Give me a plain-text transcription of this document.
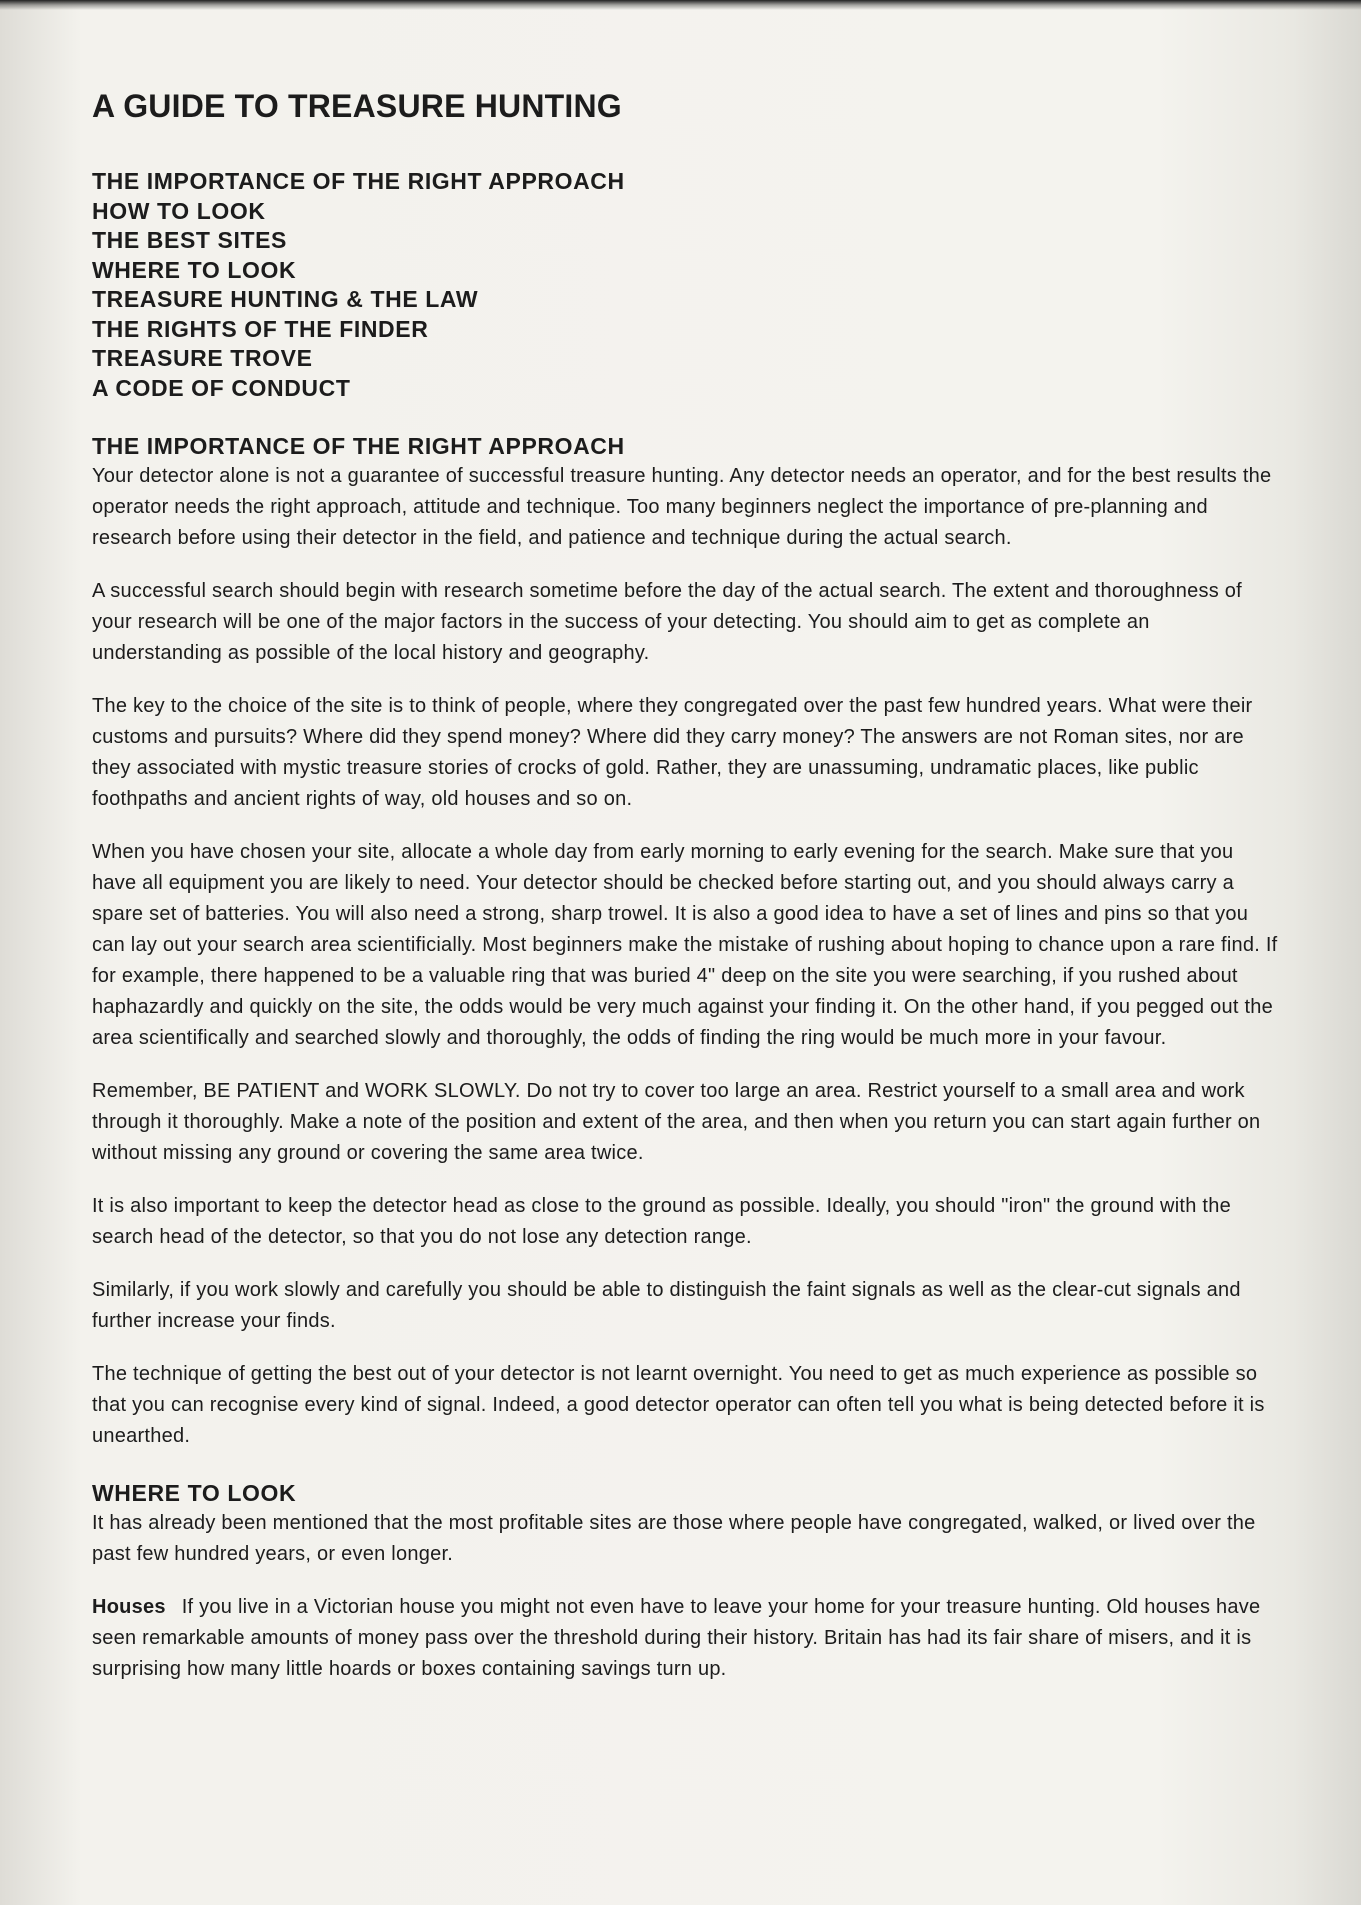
A GUIDE TO TREASURE HUNTING
THE IMPORTANCE OF THE RIGHT APPROACH
HOW TO LOOK
THE BEST SITES
WHERE TO LOOK
TREASURE HUNTING & THE LAW
THE RIGHTS OF THE FINDER
TREASURE TROVE
A CODE OF CONDUCT
THE IMPORTANCE OF THE RIGHT APPROACH

Your detector alone is not a guarantee of successful treasure hunting. Any detector needs an operator, and for the best results the operator needs the right approach, attitude and technique. Too many beginners neglect the importance of pre-planning and research before using their detector in the field, and patience and technique during the actual search.

A successful search should begin with research sometime before the day of the actual search. The extent and thoroughness of your research will be one of the major factors in the success of your detecting. You should aim to get as complete an understanding as possible of the local history and geography.

The key to the choice of the site is to think of people, where they congregated over the past few hundred years. What were their customs and pursuits? Where did they spend money? Where did they carry money? The answers are not Roman sites, nor are they associated with mystic treasure stories of crocks of gold. Rather, they are unassuming, undramatic places, like public foothpaths and ancient rights of way, old houses and so on.

When you have chosen your site, allocate a whole day from early morning to early evening for the search. Make sure that you have all equipment you are likely to need. Your detector should be checked before starting out, and you should always carry a spare set of batteries. You will also need a strong, sharp trowel. It is also a good idea to have a set of lines and pins so that you can lay out your search area scientificially. Most beginners make the mistake of rushing about hoping to chance upon a rare find. If for example, there happened to be a valuable ring that was buried 4" deep on the site you were searching, if you rushed about haphazardly and quickly on the site, the odds would be very much against your finding it. On the other hand, if you pegged out the area scientifically and searched slowly and thoroughly, the odds of finding the ring would be much more in your favour.

Remember, BE PATIENT and WORK SLOWLY. Do not try to cover too large an area. Restrict yourself to a small area and work through it thoroughly. Make a note of the position and extent of the area, and then when you return you can start again further on without missing any ground or covering the same area twice.

It is also important to keep the detector head as close to the ground as possible. Ideally, you should "iron" the ground with the search head of the detector, so that you do not lose any detection range.

Similarly, if you work slowly and carefully you should be able to distinguish the faint signals as well as the clear-cut signals and further increase your finds.

The technique of getting the best out of your detector is not learnt overnight. You need to get as much experience as possible so that you can recognise every kind of signal. Indeed, a good detector operator can often tell you what is being detected before it is unearthed.

WHERE TO LOOK

It has already been mentioned that the most profitable sites are those where people have congregated, walked, or lived over the past few hundred years, or even longer.

Houses If you live in a Victorian house you might not even have to leave your home for your treasure hunting. Old houses have seen remarkable amounts of money pass over the threshold during their history. Britain has had its fair share of misers, and it is surprising how many little hoards or boxes containing savings turn up.
